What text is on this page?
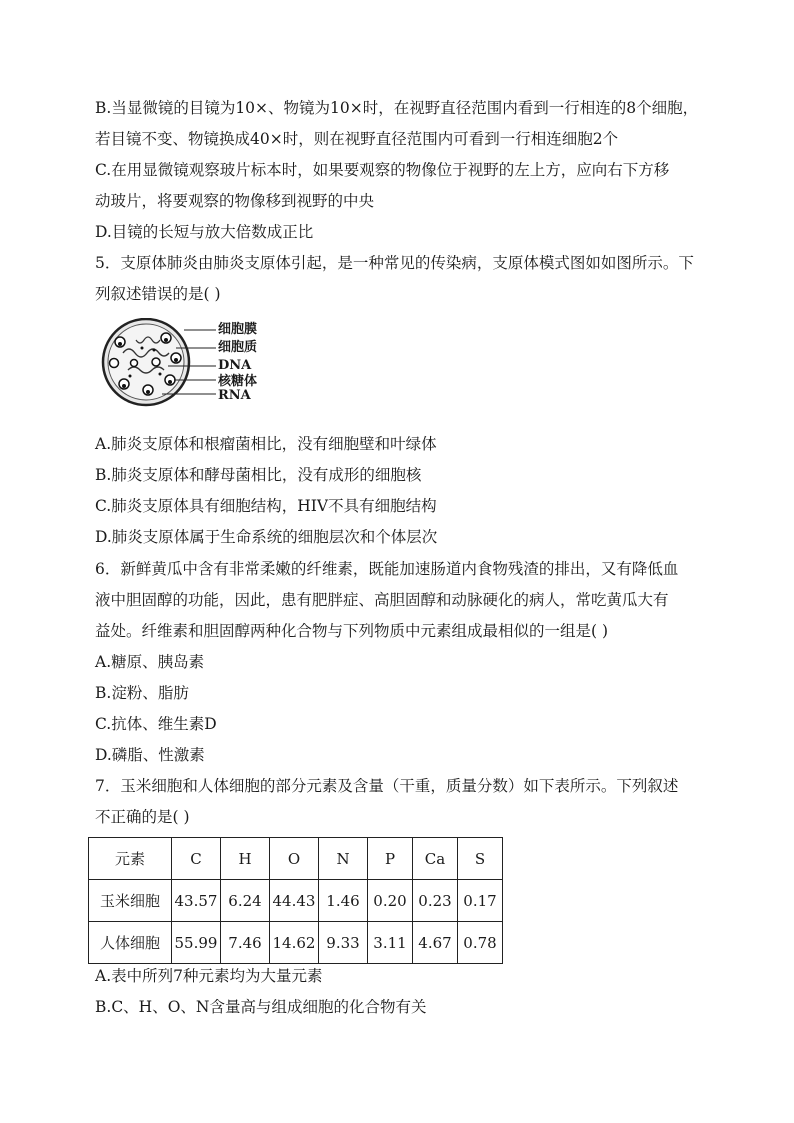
B.当显微镜的目镜为10×、物镜为10×时，在视野直径范围内看到一行相连的8个细胞，
若目镜不变、物镜换成40×时，则在视野直径范围内可看到一行相连细胞2个
C.在用显微镜观察玻片标本时，如果要观察的物像位于视野的左上方，应向右下方移
动玻片，将要观察的物像移到视野的中央
D.目镜的长短与放大倍数成正比
5．支原体肺炎由肺炎支原体引起，是一种常见的传染病，支原体模式图如如图所示。下
列叙述错误的是( )
细胞膜
细胞质
DNA
核糖体
RNA
A.肺炎支原体和根瘤菌相比，没有细胞壁和叶绿体
B.肺炎支原体和酵母菌相比，没有成形的细胞核
C.肺炎支原体具有细胞结构，HIV不具有细胞结构
D.肺炎支原体属于生命系统的细胞层次和个体层次
6．新鲜黄瓜中含有非常柔嫩的纤维素，既能加速肠道内食物残渣的排出，又有降低血
液中胆固醇的功能，因此，患有肥胖症、高胆固醇和动脉硬化的病人，常吃黄瓜大有
益处。纤维素和胆固醇两种化合物与下列物质中元素组成最相似的一组是( )
A.糖原、胰岛素
B.淀粉、脂肪
C.抗体、维生素D
D.磷脂、性激素
7．玉米细胞和人体细胞的部分元素及含量（干重，质量分数）如下表所示。下列叙述
不正确的是( )
元素	C	H	O	N	P	Ca	S
玉米细胞	43.57	6.24	44.43	1.46	0.20	0.23	0.17
人体细胞	55.99	7.46	14.62	9.33	3.11	4.67	0.78
A.表中所列7种元素均为大量元素
B.C、H、O、N含量高与组成细胞的化合物有关
